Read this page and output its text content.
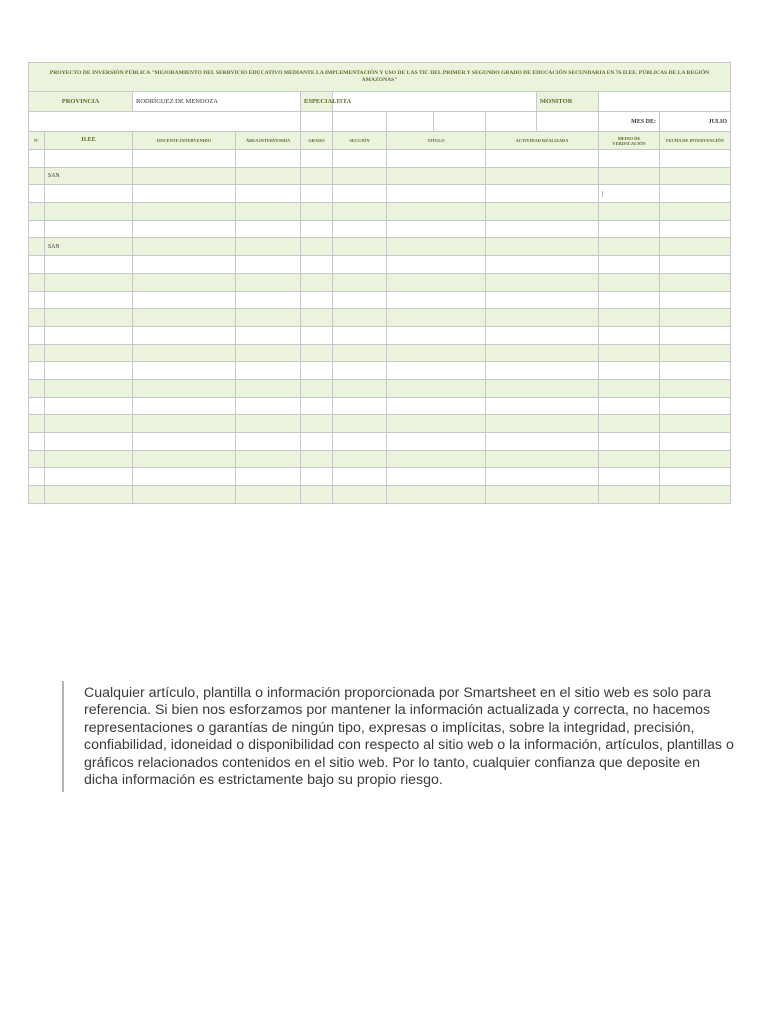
PROYECTO DE INVERSIÓN PÚBLICA "MEJORAMIENTO DEL SERRVICIO EDUCATIVO MEDIANTE LA IMPLEMENTACIÓN Y USO DE LAS TIC DEL PRIMER Y SEGUNDO GRADO DE EDUCACIÓN SECUNDARIA EN 76 II.EE. PÚBLICAS DE LA REGIÓN AMAZONAS"											
PROVINCIA		RODRÍGUEZ DE MENDOZA		ESPECIALISTA					MONITOR		
										MES DE:	JULIO
N°	II.EE	DOCENTE INTERVENIDO	ÁREA INTERVENIDA	GRADO	SECCIÓN	TITULO		ACTIVIDAD REALIZADA		MEDIO DE VERIFICACIÓN	FECHA DE INTERVENCIÓN

	SAN										

	SAN										

Cualquier artículo, plantilla o información proporcionada por Smartsheet en el sitio web es solo para referencia. Si bien nos esforzamos por mantener la información actualizada y correcta, no hacemos representaciones o garantías de ningún tipo, expresas o implícitas, sobre la integridad, precisión, confiabilidad, idoneidad o disponibilidad con respecto al sitio web o la información, artículos, plantillas o gráficos relacionados contenidos en el sitio web. Por lo tanto, cualquier confianza que deposite en dicha información es estrictamente bajo su propio riesgo.
